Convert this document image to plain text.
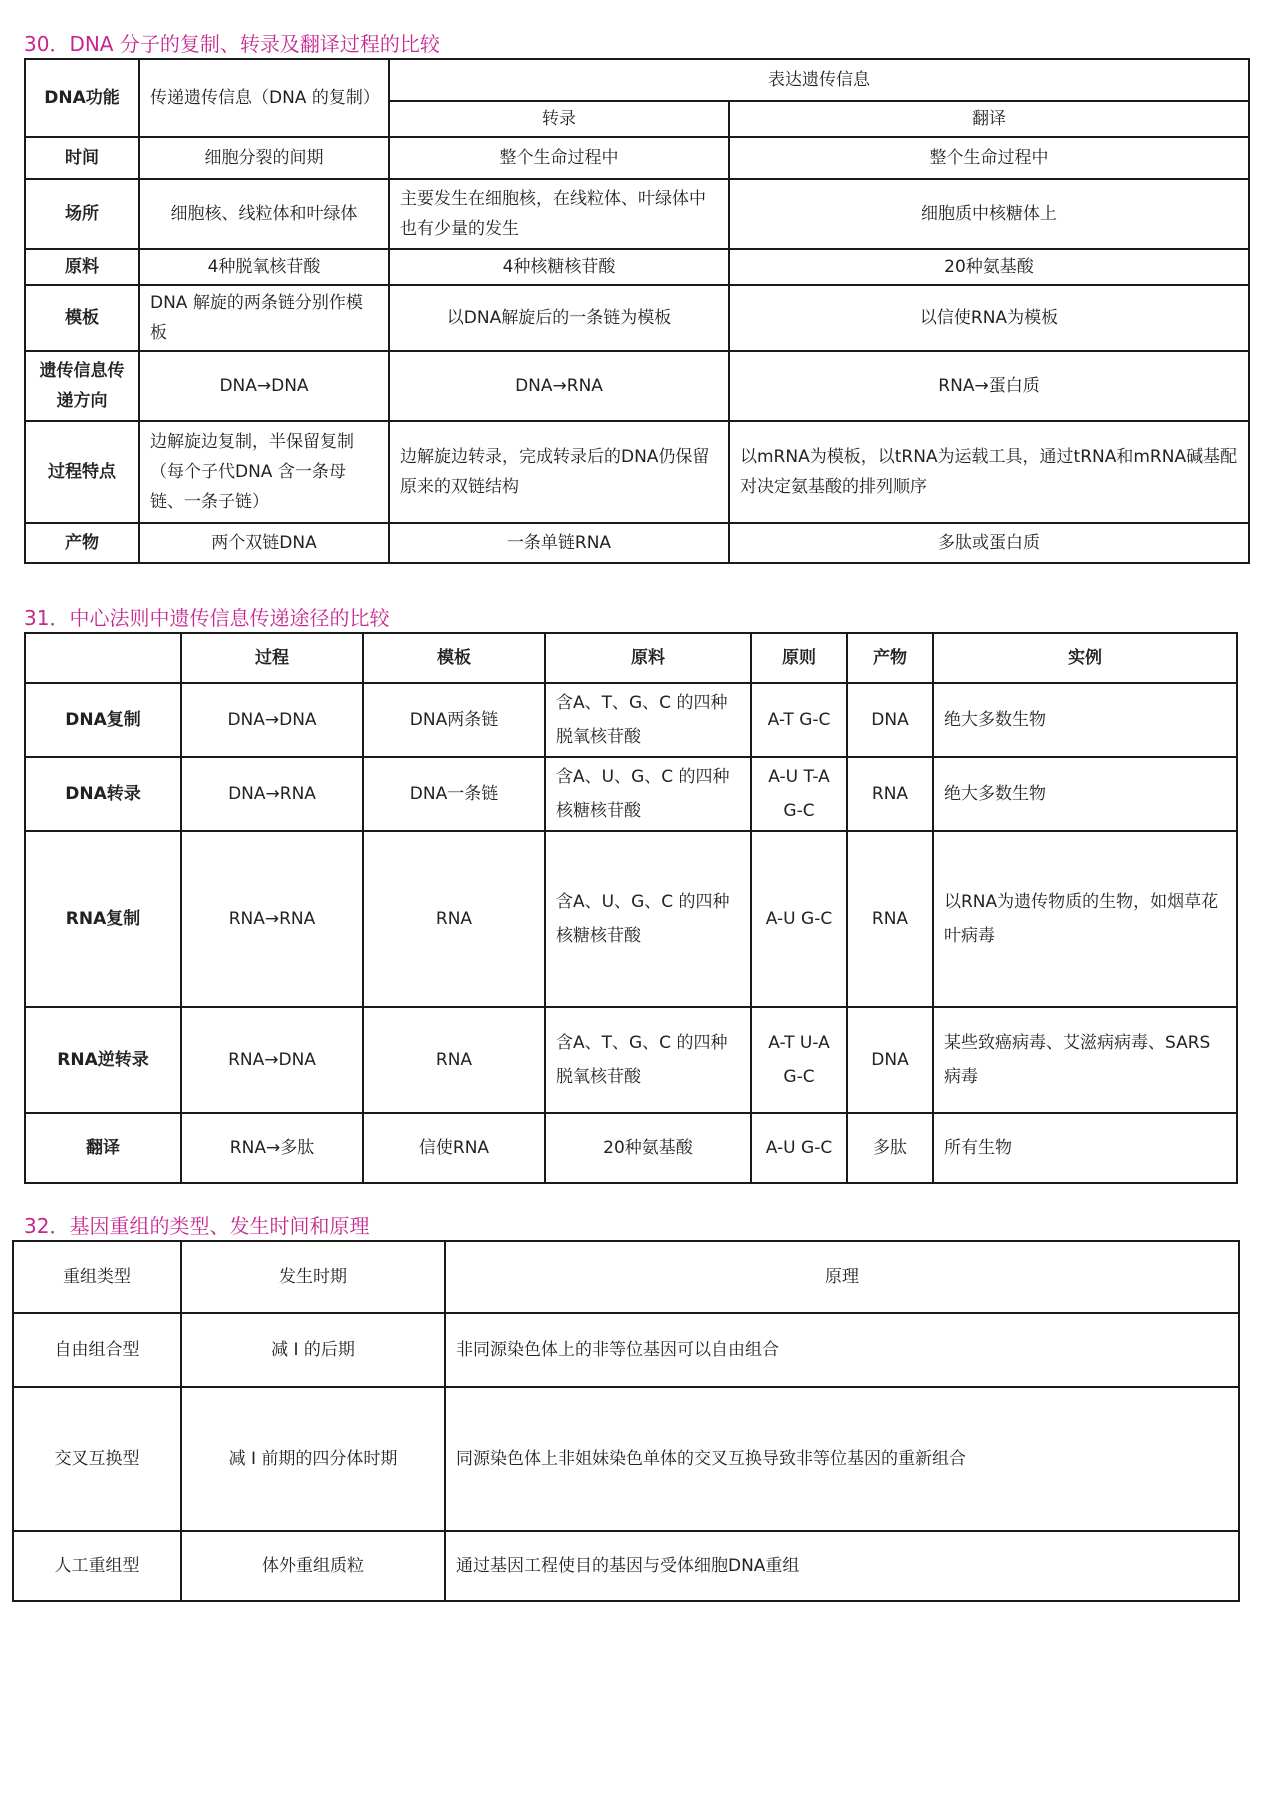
30．DNA 分子的复制、转录及翻译过程的比较
DNA功能	传递遗传信息（DNA 的复制）	表达遗传信息	
		转录	翻译
时间	细胞分裂的间期	整个生命过程中	整个生命过程中
场所	细胞核、线粒体和叶绿体	主要发生在细胞核，在线粒体、叶绿体中也有少量的发生	细胞质中核糖体上
原料	4种脱氧核苷酸	4种核糖核苷酸	20种氨基酸
模板	DNA 解旋的两条链分别作模板	以DNA解旋后的一条链为模板	以信使RNA为模板
遗传信息传递方向	DNA→DNA	DNA→RNA	RNA→蛋白质
过程特点	边解旋边复制，半保留复制（每个子代DNA 含一条母链、一条子链）	边解旋边转录，完成转录后的DNA仍保留原来的双链结构	以mRNA为模板，以tRNA为运载工具，通过tRNA和mRNA碱基配对决定氨基酸的排列顺序
产物	两个双链DNA	一条单链RNA	多肽或蛋白质
31．中心法则中遗传信息传递途径的比较
	过程	模板	原料	原则	产物	实例
DNA复制	DNA→DNA	DNA两条链	含A、T、G、C 的四种脱氧核苷酸	A-T G-C	DNA	绝大多数生物
DNA转录	DNA→RNA	DNA一条链	含A、U、G、C 的四种核糖核苷酸	A-U T-A G-C	RNA	绝大多数生物
RNA复制	RNA→RNA	RNA	含A、U、G、C 的四种核糖核苷酸	A-U G-C	RNA	以RNA为遗传物质的生物，如烟草花叶病毒
RNA逆转录	RNA→DNA	RNA	含A、T、G、C 的四种脱氧核苷酸	A-T U-A G-C	DNA	某些致癌病毒、艾滋病病毒、SARS病毒
翻译	RNA→多肽	信使RNA	20种氨基酸	A-U G-C	多肽	所有生物
32．基因重组的类型、发生时间和原理
重组类型	发生时期	原理
自由组合型	减 I 的后期	非同源染色体上的非等位基因可以自由组合
交叉互换型	减 I 前期的四分体时期	同源染色体上非姐妹染色单体的交叉互换导致非等位基因的重新组合
人工重组型	体外重组质粒	通过基因工程使目的基因与受体细胞DNA重组
